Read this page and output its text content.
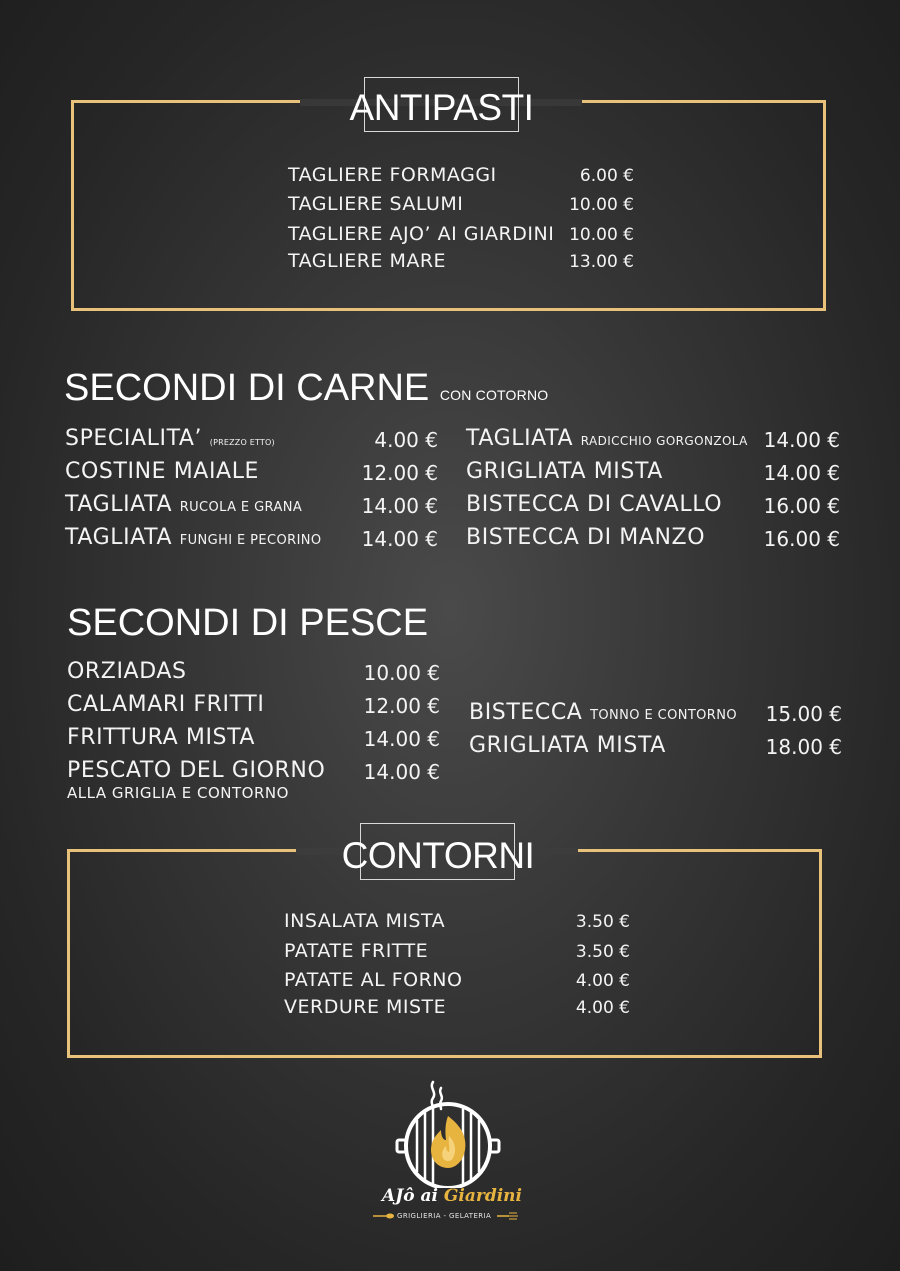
ANTIPASTI
TAGLIERE FORMAGGI	6.00 €
TAGLIERE SALUMI	10.00 €
TAGLIERE AJO’ AI GIARDINI 10.00 €
TAGLIERE MARE	13.00 €
SECONDI DI CARNE CON COTORNO
SPECIALITA’ (PREZZO ETTO)	4.00 €
COSTINE MAIALE	12.00 €
TAGLIATA RUCOLA E GRANA	14.00 €
TAGLIATA FUNGHI E PECORINO	14.00 €
TAGLIATA RADICCHIO GORGONZOLA 14.00 €
GRIGLIATA MISTA	14.00 €
BISTECCA DI CAVALLO	16.00 €
BISTECCA DI MANZO	16.00 €
SECONDI DI PESCE
ORZIADAS	10.00 €
CALAMARI FRITTI	12.00 €
FRITTURA MISTA	14.00 €
PESCATO DEL GIORNO	14.00 €
ALLA GRIGLIA E CONTORNO
BISTECCA TONNO E CONTORNO 15.00 €
GRIGLIATA MISTA	18.00 €
CONTORNI
INSALATA MISTA	3.50 €
PATATE FRITTE	3.50 €
PATATE AL FORNO	4.00 €
VERDURE MISTE	4.00 €
AJô ai Giardini
GRIGLIERIA - GELATERIA
